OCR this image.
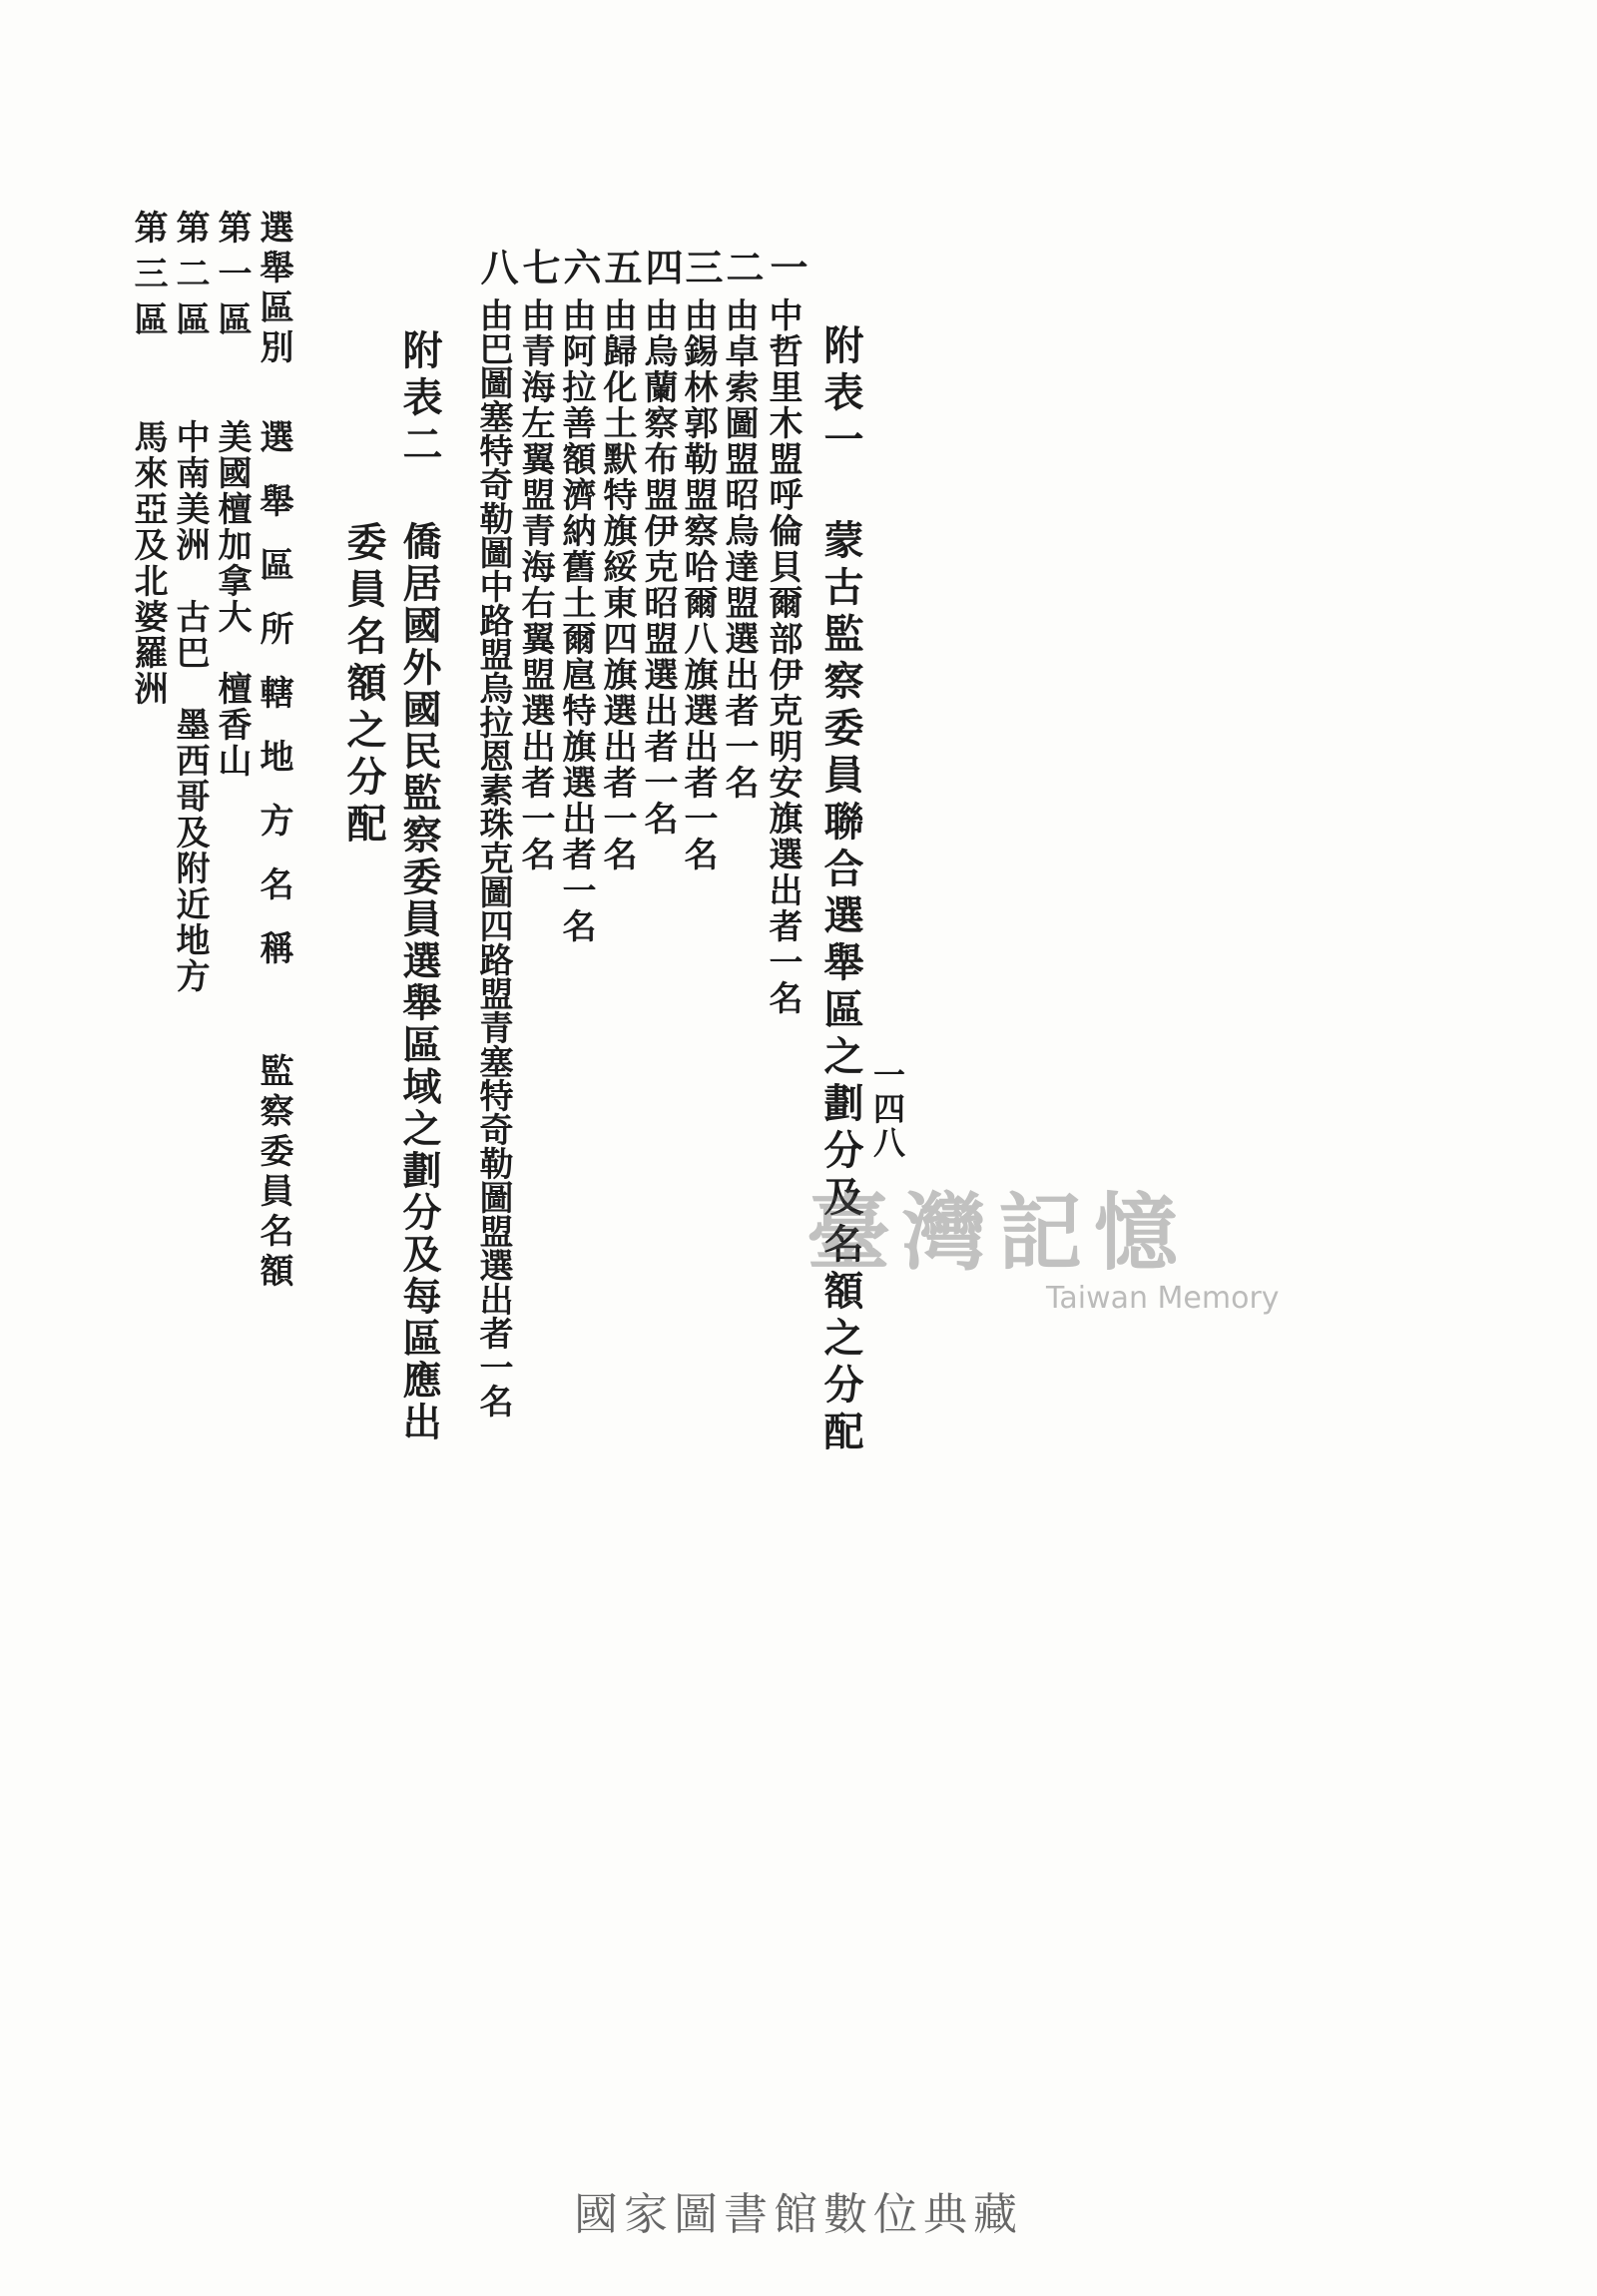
一四八
附表一
蒙古監察委員聯合選舉區之劃分及名額之分配
一
中哲里木盟呼倫貝爾部伊克明安旗選出者一名
二
由卓索圖盟昭烏達盟選出者一名
三
由錫林郭勒盟察哈爾八旗選出者一名
四
由烏蘭察布盟伊克昭盟選出者一名
五
由歸化土默特旗綏東四旗選出者一名
六
由阿拉善額濟納舊土爾扈特旗選出者一名
七
由青海左翼盟青海右翼盟選出者一名
八
由巴圖塞特奇勒圖中路盟烏拉恩素珠克圖四路盟青塞特奇勒圖盟選出者一名
附表二
僑居國外國民監察委員選舉區域之劃分及每區應出
委員名額之分配
選舉區別
選舉區所轄地方名稱
監察委員名額
第一區
美國檀加拿大　檀香山
第二區
中南美洲　古巴　墨西哥及附近地方
第三區
馬來亞及北婆羅洲
臺灣記憶
Taiwan Memory
國家圖書館數位典藏
